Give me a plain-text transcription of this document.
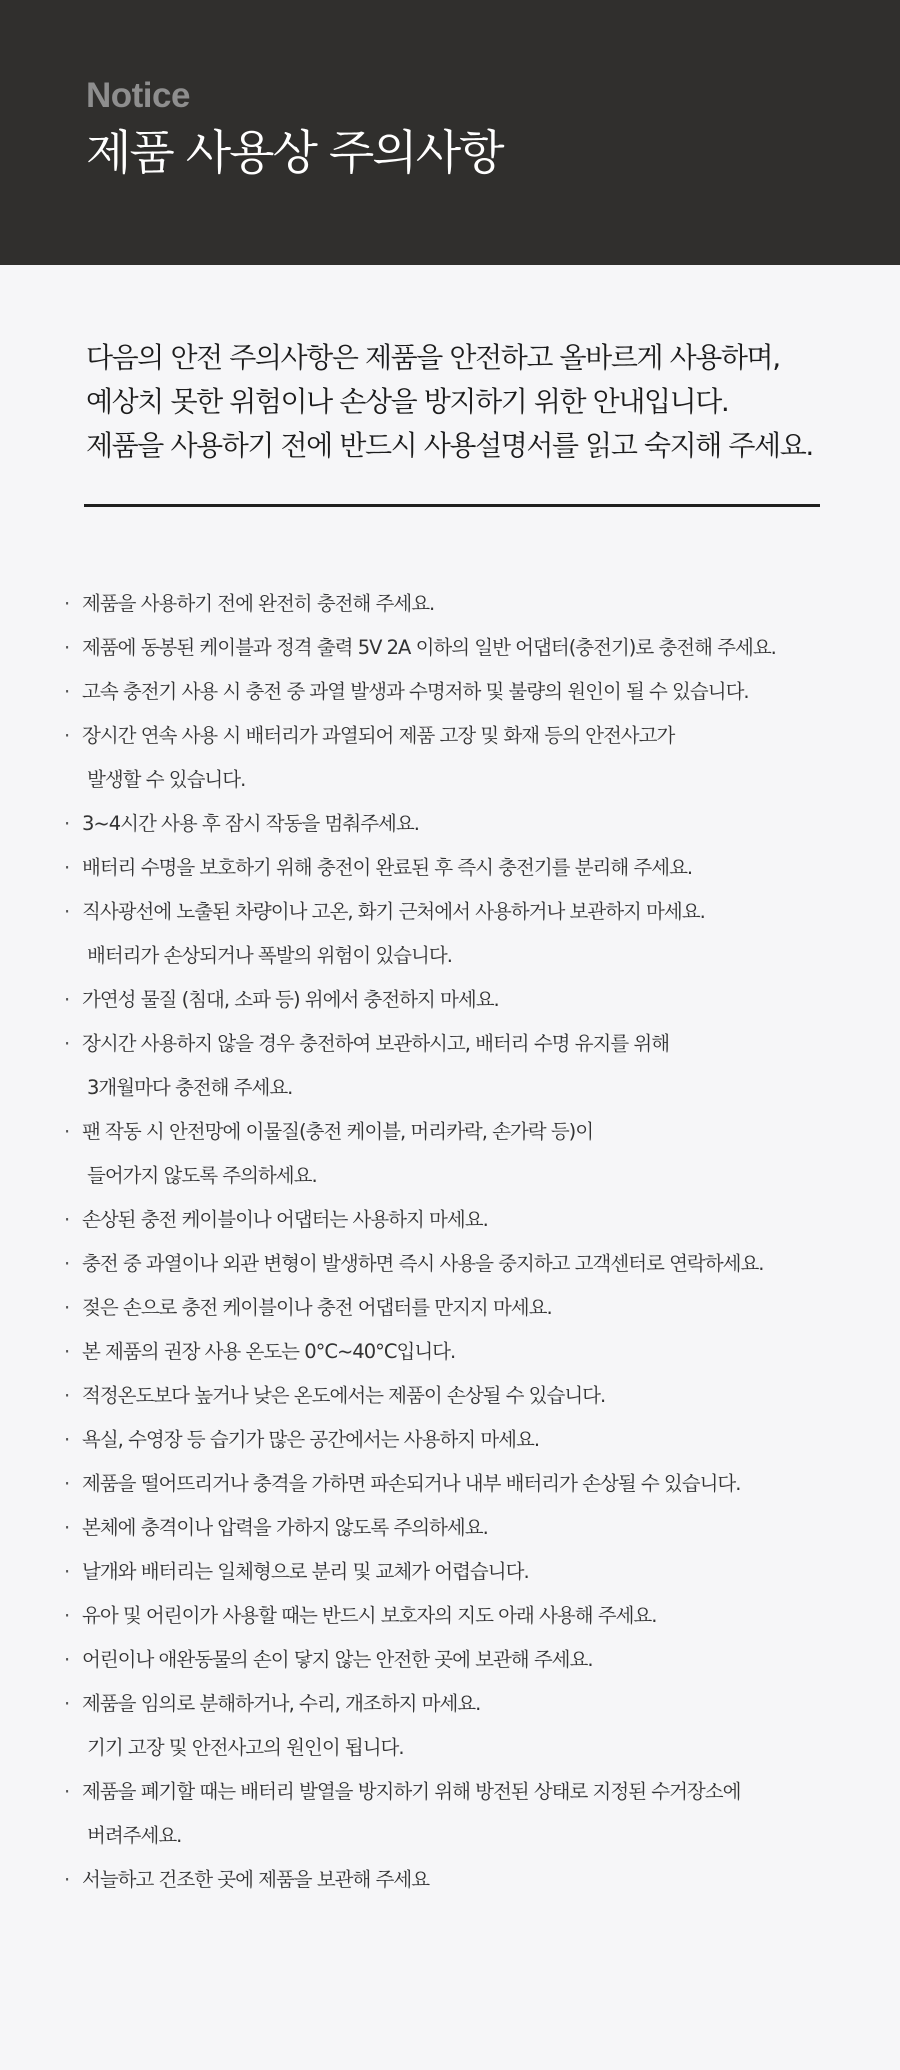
Notice
제품 사용상 주의사항
다음의 안전 주의사항은 제품을 안전하고 올바르게 사용하며,
예상치 못한 위험이나 손상을 방지하기 위한 안내입니다.
제품을 사용하기 전에 반드시 사용설명서를 읽고 숙지해 주세요.
· 제품을 사용하기 전에 완전히 충전해 주세요.
· 제품에 동봉된 케이블과 정격 출력 5V 2A 이하의 일반 어댑터(충전기)로 충전해 주세요.
· 고속 충전기 사용 시 충전 중 과열 발생과 수명저하 및 불량의 원인이 될 수 있습니다.
· 장시간 연속 사용 시 배터리가 과열되어 제품 고장 및 화재 등의 안전사고가
발생할 수 있습니다.
· 3~4시간 사용 후 잠시 작동을 멈춰주세요.
· 배터리 수명을 보호하기 위해 충전이 완료된 후 즉시 충전기를 분리해 주세요.
· 직사광선에 노출된 차량이나 고온, 화기 근처에서 사용하거나 보관하지 마세요.
배터리가 손상되거나 폭발의 위험이 있습니다.
· 가연성 물질 (침대, 소파 등) 위에서 충전하지 마세요.
· 장시간 사용하지 않을 경우 충전하여 보관하시고, 배터리 수명 유지를 위해
3개월마다 충전해 주세요.
· 팬 작동 시 안전망에 이물질(충전 케이블, 머리카락, 손가락 등)이
들어가지 않도록 주의하세요.
· 손상된 충전 케이블이나 어댑터는 사용하지 마세요.
· 충전 중 과열이나 외관 변형이 발생하면 즉시 사용을 중지하고 고객센터로 연락하세요.
· 젖은 손으로 충전 케이블이나 충전 어댑터를 만지지 마세요.
· 본 제품의 권장 사용 온도는 0°C~40°C입니다.
· 적정온도보다 높거나 낮은 온도에서는 제품이 손상될 수 있습니다.
· 욕실, 수영장 등 습기가 많은 공간에서는 사용하지 마세요.
· 제품을 떨어뜨리거나 충격을 가하면 파손되거나 내부 배터리가 손상될 수 있습니다.
· 본체에 충격이나 압력을 가하지 않도록 주의하세요.
· 날개와 배터리는 일체형으로 분리 및 교체가 어렵습니다.
· 유아 및 어린이가 사용할 때는 반드시 보호자의 지도 아래 사용해 주세요.
· 어린이나 애완동물의 손이 닿지 않는 안전한 곳에 보관해 주세요.
· 제품을 임의로 분해하거나, 수리, 개조하지 마세요.
기기 고장 및 안전사고의 원인이 됩니다.
· 제품을 폐기할 때는 배터리 발열을 방지하기 위해 방전된 상태로 지정된 수거장소에
버려주세요.
· 서늘하고 건조한 곳에 제품을 보관해 주세요
